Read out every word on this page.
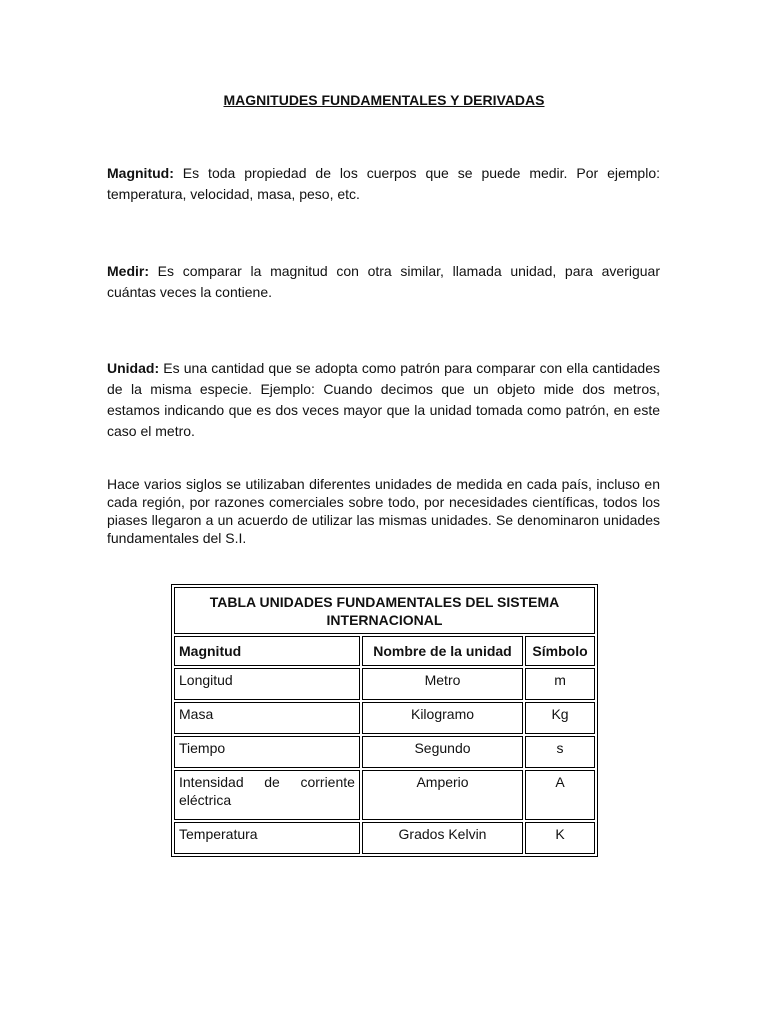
MAGNITUDES FUNDAMENTALES Y DERIVADAS
Magnitud: Es toda propiedad de los cuerpos que se puede medir. Por ejemplo: temperatura, velocidad, masa, peso, etc.
Medir: Es comparar la magnitud con otra similar, llamada unidad, para averiguar cuántas veces la contiene.
Unidad: Es una cantidad que se adopta como patrón para comparar con ella cantidades de la misma especie. Ejemplo: Cuando decimos que un objeto mide dos metros, estamos indicando que es dos veces mayor que la unidad tomada como patrón, en este caso el metro.
Hace varios siglos se utilizaban diferentes unidades de medida en cada país, incluso en cada región, por razones comerciales sobre todo, por necesidades científicas, todos los piases llegaron a un acuerdo de utilizar las mismas unidades. Se denominaron unidades fundamentales del S.I.
TABLA UNIDADES FUNDAMENTALES DEL SISTEMA INTERNACIONAL		
Magnitud	Nombre de la unidad	Símbolo
Longitud	Metro	m
Masa	Kilogramo	Kg
Tiempo	Segundo	s
Intensidad de corriente eléctrica	Amperio	A
Temperatura	Grados Kelvin	K
